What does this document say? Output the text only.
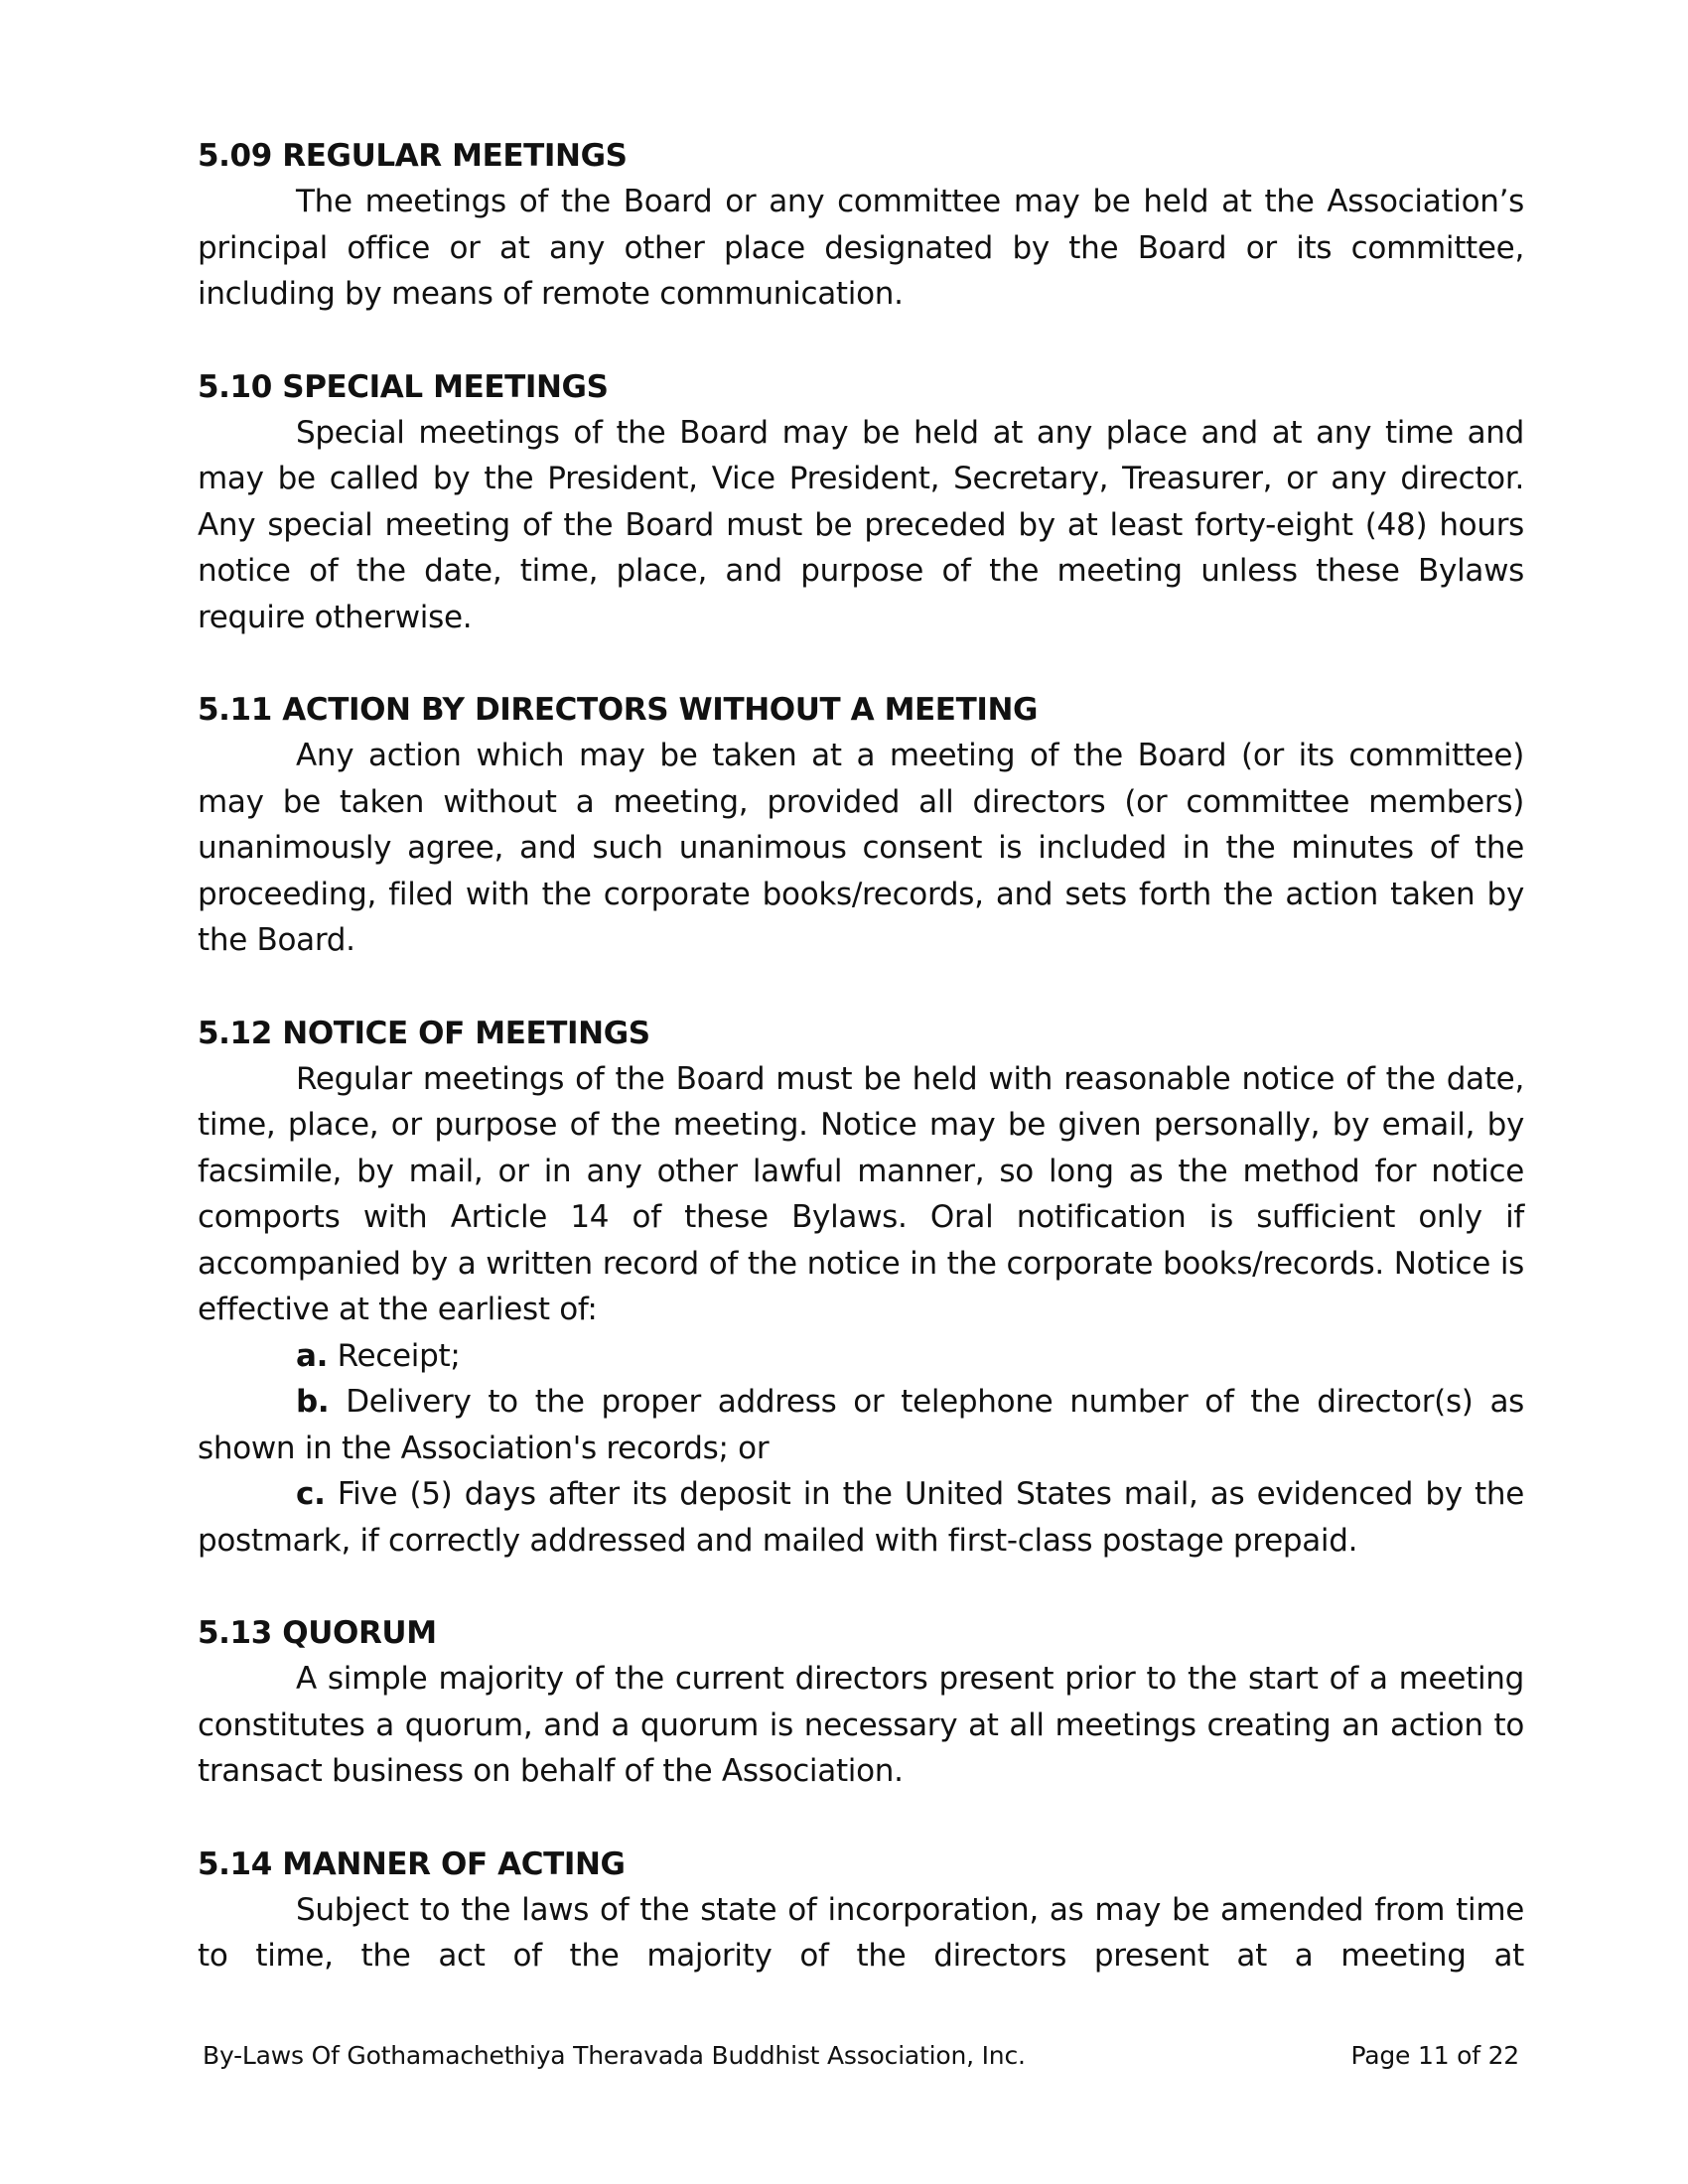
5.09 REGULAR MEETINGS

The meetings of the Board or any committee may be held at the Association’s principal office or at any other place designated by the Board or its committee, including by means of remote communication.

5.10 SPECIAL MEETINGS

Special meetings of the Board may be held at any place and at any time and may be called by the President, Vice President, Secretary, Treasurer, or any director. Any special meeting of the Board must be preceded by at least forty-eight (48) hours notice of the date, time, place, and purpose of the meeting unless these Bylaws require otherwise.

5.11 ACTION BY DIRECTORS WITHOUT A MEETING

Any action which may be taken at a meeting of the Board (or its committee) may be taken without a meeting, provided all directors (or committee members) unanimously agree, and such unanimous consent is included in the minutes of the proceeding, filed with the corporate books/records, and sets forth the action taken by the Board.

5.12 NOTICE OF MEETINGS

Regular meetings of the Board must be held with reasonable notice of the date, time, place, or purpose of the meeting. Notice may be given personally, by email, by facsimile, by mail, or in any other lawful manner, so long as the method for notice comports with Article 14 of these Bylaws. Oral notification is sufficient only if accompanied by a written record of the notice in the corporate books/records. Notice is effective at the earliest of:

a. Receipt;

b. Delivery to the proper address or telephone number of the director(s) as shown in the Association's records; or

c. Five (5) days after its deposit in the United States mail, as evidenced by the postmark, if correctly addressed and mailed with first-class postage prepaid.

5.13 QUORUM

A simple majority of the current directors present prior to the start of a meeting constitutes a quorum, and a quorum is necessary at all meetings creating an action to transact business on behalf of the Association.

5.14 MANNER OF ACTING

Subject to the laws of the state of incorporation, as may be amended from time to time, the act of the majority of the directors present at a meeting at

By-Laws Of Gothamachethiya Theravada Buddhist Association, Inc.	Page 11 of 22
